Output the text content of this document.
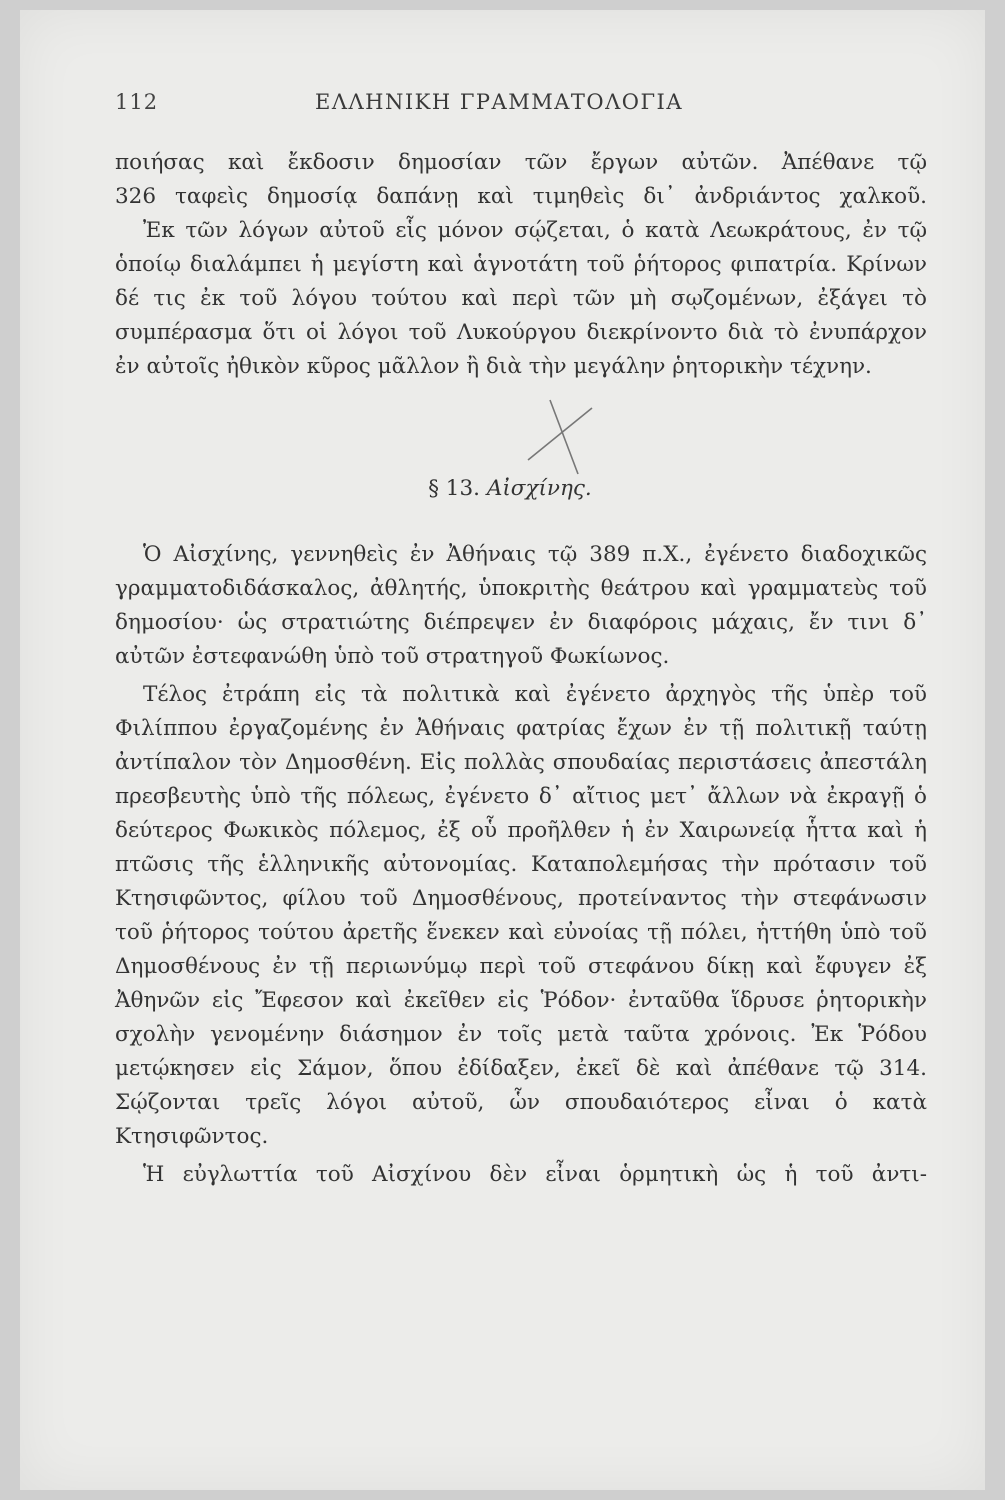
112	ΕΛΛΗΝΙΚΗ ΓΡΑΜΜΑΤΟΛΟΓΙΑ

ποιήσας καὶ ἔκδοσιν δημοσίαν τῶν ἔργων αὐτῶν. Ἀπέθανε τῷ

326 ταφεὶς δημοσίᾳ δαπάνῃ καὶ τιμηθεὶς δι᾽ ἀνδριάντος χαλκοῦ.

Ἐκ τῶν λόγων αὐτοῦ εἷς μόνον σῴζεται, ὁ κατὰ Λεωκράτους, ἐν τῷ ὁποίῳ διαλάμπει ἡ μεγίστη καὶ ἁγνοτάτη τοῦ ῥήτορος φιπατρία. Κρίνων δέ τις ἐκ τοῦ λόγου τούτου καὶ περὶ τῶν μὴ σῳζομένων, ἐξάγει τὸ συμπέρασμα ὅτι οἱ λόγοι τοῦ Λυκούργου διεκρίνοντο διὰ τὸ ἐνυπάρχον ἐν αὐτοῖς ἠθικὸν κῦρος μᾶλλον ἢ διὰ τὴν μεγάλην ῥητορικὴν τέχνην.

§ 13. Αἰσχίνης.

Ὁ Αἰσχίνης, γεννηθεὶς ἐν Ἀθήναις τῷ 389 π.Χ., ἐγένετο διαδοχικῶς γραμματοδιδάσκαλος, ἀθλητής, ὑποκριτὴς θεάτρου καὶ γραμματεὺς τοῦ δημοσίου· ὡς στρατιώτης διέπρεψεν ἐν διαφόροις μάχαις, ἔν τινι δ᾽ αὐτῶν ἐστεφανώθη ὑπὸ τοῦ στρατηγοῦ Φωκίωνος.

Τέλος ἐτράπη εἰς τὰ πολιτικὰ καὶ ἐγένετο ἀρχηγὸς τῆς ὑπὲρ τοῦ Φιλίππου ἐργαζομένης ἐν Ἀθήναις φατρίας ἔχων ἐν τῇ πολιτικῇ ταύτῃ ἀντίπαλον τὸν Δημοσθένη. Εἰς πολλὰς σπουδαίας περιστάσεις ἀπεστάλη πρεσβευτὴς ὑπὸ τῆς πόλεως, ἐγένετο δ᾽ αἴτιος μετ᾽ ἄλλων νὰ ἐκραγῇ ὁ δεύτερος Φωκικὸς πόλεμος, ἐξ οὗ προῆλθεν ἡ ἐν Χαιρωνείᾳ ἧττα καὶ ἡ πτῶσις τῆς ἑλληνικῆς αὐτονομίας. Καταπολεμήσας τὴν πρότασιν τοῦ Κτησιφῶντος, φίλου τοῦ Δημοσθένους, προτείναντος τὴν στεφάνωσιν τοῦ ῥήτορος τούτου ἀρετῆς ἕνεκεν καὶ εὐνοίας τῇ πόλει, ἡττήθη ὑπὸ τοῦ Δημοσθένους ἐν τῇ περιωνύμῳ περὶ τοῦ στεφάνου δίκῃ καὶ ἔφυγεν ἐξ Ἀθηνῶν εἰς Ἔφεσον καὶ ἐκεῖθεν εἰς Ῥόδον· ἐνταῦθα ἵδρυσε ῥητορικὴν σχολὴν γενομένην διάσημον ἐν τοῖς μετὰ ταῦτα χρόνοις. Ἐκ Ῥόδου μετῴκησεν εἰς Σάμον, ὅπου ἐδίδαξεν, ἐκεῖ δὲ καὶ ἀπέθανε τῷ 314. Σῴζονται τρεῖς λόγοι αὐτοῦ, ὧν σπουδαιότερος εἶναι ὁ κατὰ Κτησιφῶντος.

Ἡ εὐγλωττία τοῦ Αἰσχίνου δὲν εἶναι ὁρμητικὴ ὡς ἡ τοῦ ἀντι-
